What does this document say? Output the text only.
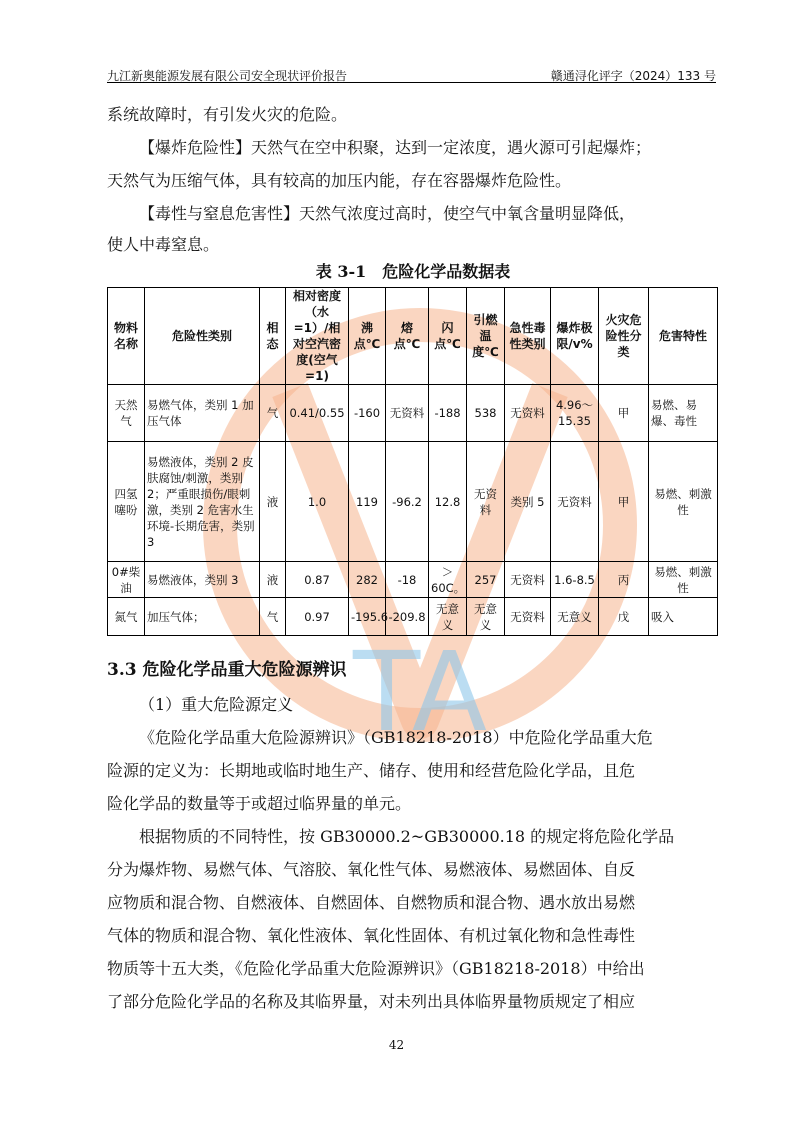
九江新奥能源发展有限公司安全现状评价报告	赣通浔化评字（2024）133 号
TA
系统故障时，有引发火灾的危险。
【爆炸危险性】天然气在空中积聚，达到一定浓度，遇火源可引起爆炸；
天然气为压缩气体，具有较高的加压内能，存在容器爆炸危险性。
【毒性与窒息危害性】天然气浓度过高时，使空气中氧含量明显降低，
使人中毒窒息。
表 3-1　危险化学品数据表
物料名称	危险性类别	相态	相对密度（水=1）/相对空汽密度(空气=1)	沸点℃	熔点℃	闪点℃	引燃温度℃	急性毒性类别	爆炸极限/v%	火灾危险性分类	危害特性
天然气	易燃气体，类别 1 加压气体	气	0.41/0.55	-160	无资料	-188	538	无资料	4.96～15.35	甲	易燃、易爆、毒性
四氢噻吩	易燃液体，类别 2 皮肤腐蚀/刺激，类别 2；严重眼损伤/眼刺激，类别 2 危害水生环境-长期危害，类别 3	液	1.0	119	-96.2	12.8	无资料	类别 5	无资料	甲	易燃、刺激性
0#柴油	易燃液体，类别 3	液	0.87	282	-18	＞60C。	257	无资料	1.6-8.5	丙	易燃、刺激性
氮气	加压气体；	气	0.97	-195.6	-209.8	无意义	无意义	无资料	无意义	戊	吸入
3.3 危险化学品重大危险源辨识
（1）重大危险源定义
《危险化学品重大危险源辨识》（GB18218-2018）中危险化学品重大危
险源的定义为：长期地或临时地生产、储存、使用和经营危险化学品，且危
险化学品的数量等于或超过临界量的单元。
根据物质的不同特性，按 GB30000.2~GB30000.18 的规定将危险化学品
分为爆炸物、易燃气体、气溶胶、氧化性气体、易燃液体、易燃固体、自反
应物质和混合物、自燃液体、自燃固体、自燃物质和混合物、遇水放出易燃
气体的物质和混合物、氧化性液体、氧化性固体、有机过氧化物和急性毒性
物质等十五大类，《危险化学品重大危险源辨识》（GB18218-2018）中给出
了部分危险化学品的名称及其临界量，对未列出具体临界量物质规定了相应
42
